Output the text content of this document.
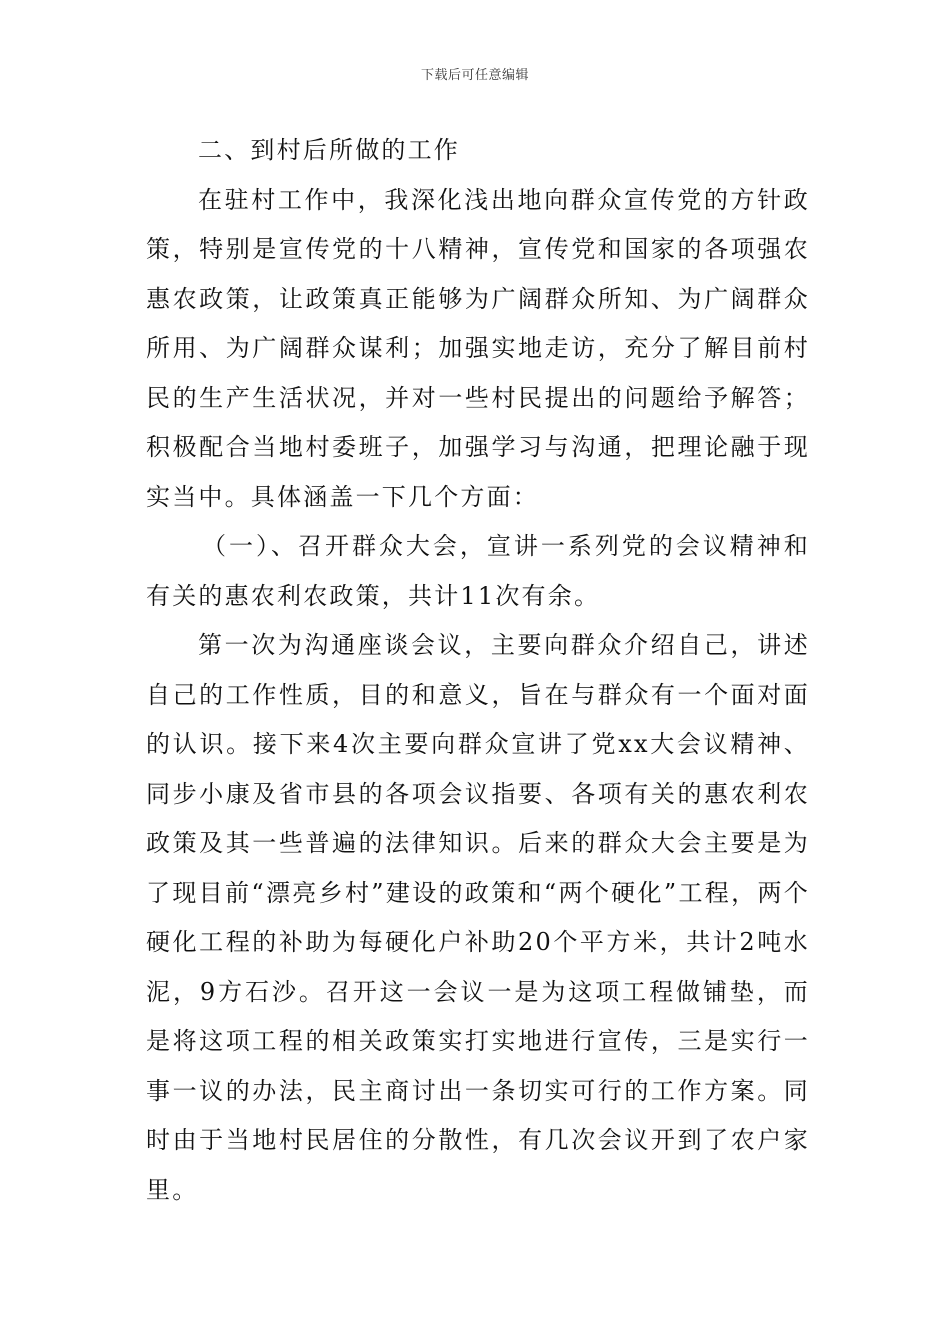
下载后可任意编辑

二、到村后所做的工作

在驻村工作中，我深化浅出地向群众宣传党的方针政策，特别是宣传党的十八精神，宣传党和国家的各项强农惠农政策，让政策真正能够为广阔群众所知、为广阔群众所用、为广阔群众谋利；加强实地走访，充分了解目前村民的生产生活状况，并对一些村民提出的问题给予解答；积极配合当地村委班子，加强学习与沟通，把理论融于现实当中。具体涵盖一下几个方面：

（一）、召开群众大会，宣讲一系列党的会议精神和有关的惠农利农政策，共计11次有余。

第一次为沟通座谈会议，主要向群众介绍自己，讲述自己的工作性质，目的和意义，旨在与群众有一个面对面的认识。接下来4次主要向群众宣讲了党xx大会议精神、同步小康及省市县的各项会议指要、各项有关的惠农利农政策及其一些普遍的法律知识。后来的群众大会主要是为了现目前“漂亮乡村”建设的政策和“两个硬化”工程，两个硬化工程的补助为每硬化户补助20个平方米，共计2吨水泥，9方石沙。召开这一会议一是为这项工程做铺垫，而是将这项工程的相关政策实打实地进行宣传，三是实行一事一议的办法，民主商讨出一条切实可行的工作方案。同时由于当地村民居住的分散性，有几次会议开到了农户家里。
